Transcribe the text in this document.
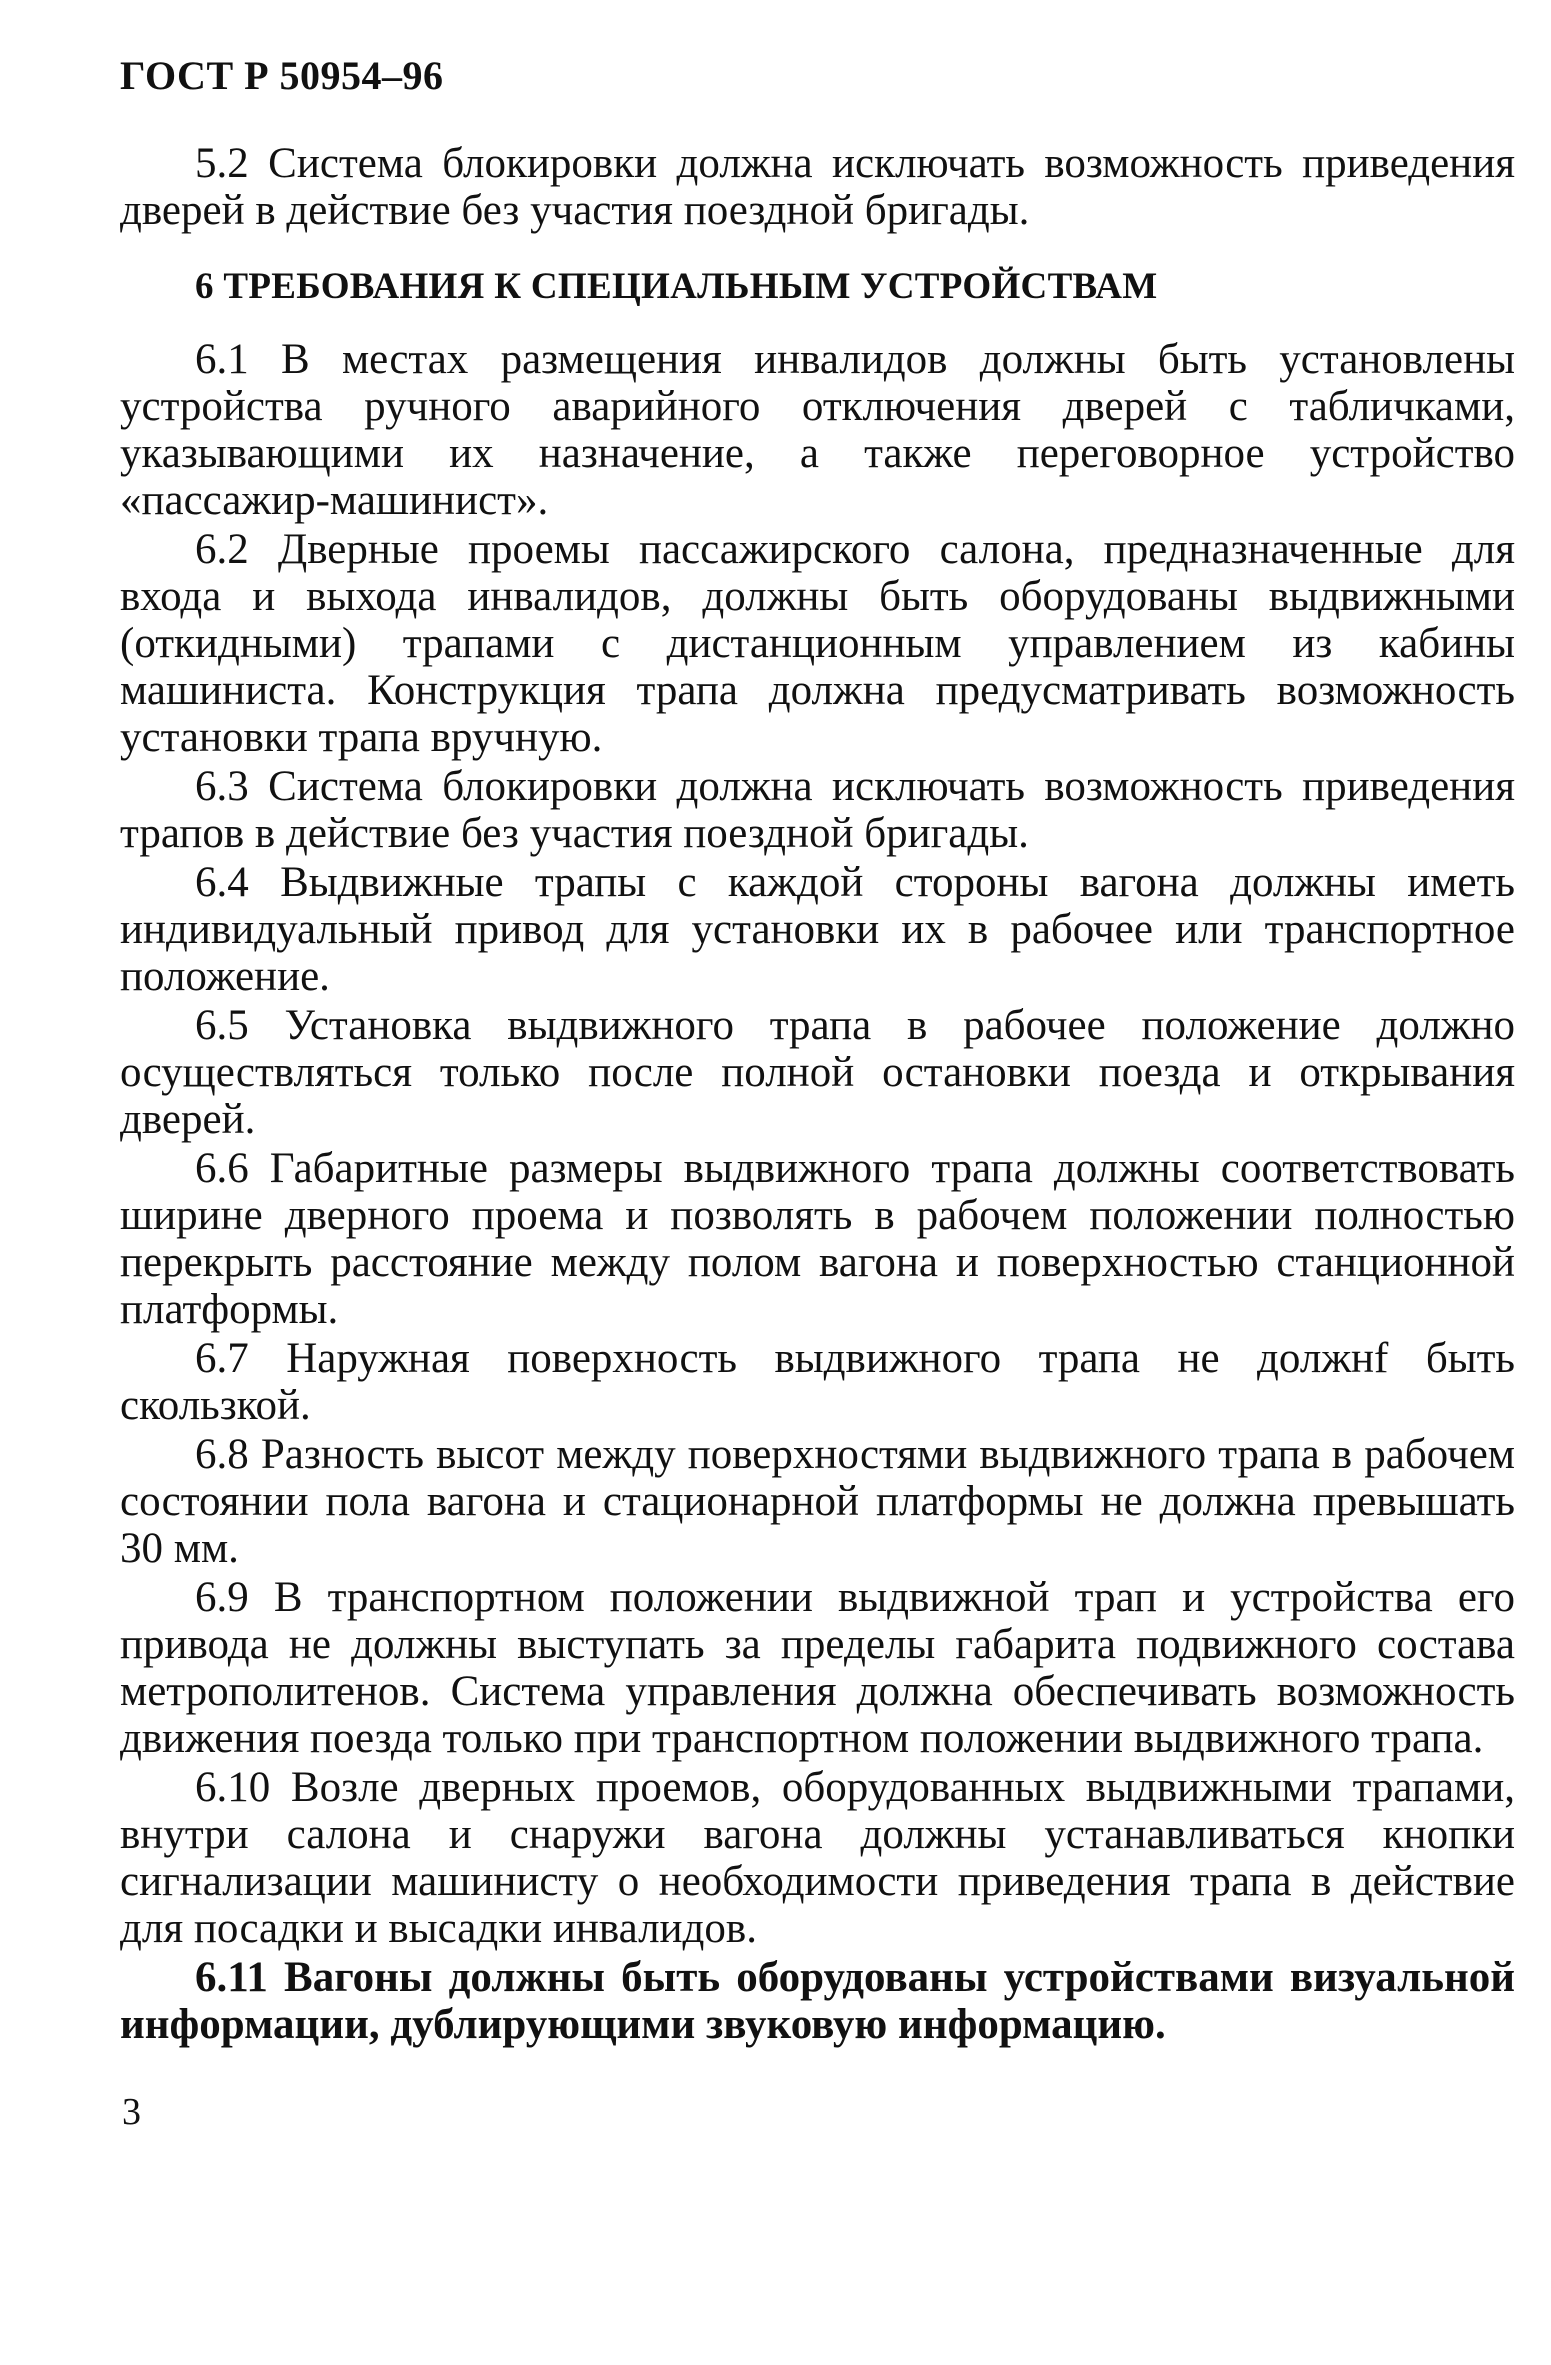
ГОСТ Р 50954–96

5.2 Система блокировки должна исключать возможность приведения дверей в действие без участия поездной бригады.

6 ТРЕБОВАНИЯ К СПЕЦИАЛЬНЫМ УСТРОЙСТВАМ

6.1 В местах размещения инвалидов должны быть установлены устройства ручного аварийного отключения дверей с табличками, указывающими их назначение, а также переговорное устройство «пассажир-машинист».

6.2 Дверные проемы пассажирского салона, предназначенные для входа и выхода инвалидов, должны быть оборудованы выдвижными (откидными) трапами с дистанционным управлением из кабины машиниста. Конструкция трапа должна предусматривать возможность установки трапа вручную.

6.3 Система блокировки должна исключать возможность приведения трапов в действие без участия поездной бригады.

6.4 Выдвижные трапы с каждой стороны вагона должны иметь индивидуальный привод для установки их в рабочее или транспортное положение.

6.5 Установка выдвижного трапа в рабочее положение должно осуществляться только после полной остановки поезда и открывания дверей.

6.6 Габаритные размеры выдвижного трапа должны соответствовать ширине дверного проема и позволять в рабочем положении полностью перекрыть расстояние между полом вагона и поверхностью станционной платформы.

6.7 Наружная поверхность выдвижного трапа не должнf быть скользкой.

6.8 Разность высот между поверхностями выдвижного трапа в рабочем состоянии пола вагона и стационарной платформы не должна превышать 30 мм.

6.9 В транспортном положении выдвижной трап и устройства его привода не должны выступать за пределы габарита подвижного состава метрополитенов. Система управления должна обеспечивать возможность движения поезда только при транспортном положении выдвижного трапа.

6.10 Возле дверных проемов, оборудованных выдвижными трапами, внутри салона и снаружи вагона должны устанавливаться кнопки сигнализации машинисту о необходимости приведения трапа в действие для посадки и высадки инвалидов.

6.11 Вагоны должны быть оборудованы устройствами визуальной информации, дублирующими звуковую информацию.

3
